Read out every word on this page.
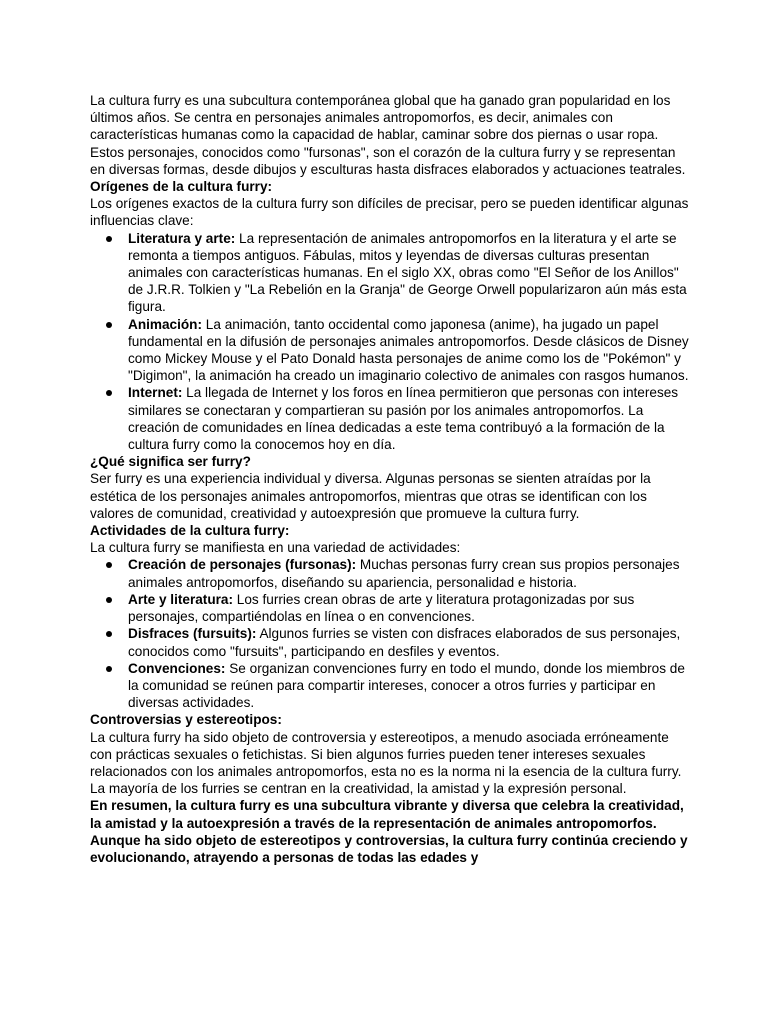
La cultura furry es una subcultura contemporánea global que ha ganado gran popularidad en los últimos años. Se centra en personajes animales antropomorfos, es decir, animales con características humanas como la capacidad de hablar, caminar sobre dos piernas o usar ropa. Estos personajes, conocidos como "fursonas", son el corazón de la cultura furry y se representan en diversas formas, desde dibujos y esculturas hasta disfraces elaborados y actuaciones teatrales.

Orígenes de la cultura furry:

Los orígenes exactos de la cultura furry son difíciles de precisar, pero se pueden identificar algunas influencias clave:

Literatura y arte: La representación de animales antropomorfos en la literatura y el arte se remonta a tiempos antiguos. Fábulas, mitos y leyendas de diversas culturas presentan animales con características humanas. En el siglo XX, obras como "El Señor de los Anillos" de J.R.R. Tolkien y "La Rebelión en la Granja" de George Orwell popularizaron aún más esta figura.
Animación: La animación, tanto occidental como japonesa (anime), ha jugado un papel fundamental en la difusión de personajes animales antropomorfos. Desde clásicos de Disney como Mickey Mouse y el Pato Donald hasta personajes de anime como los de "Pokémon" y "Digimon", la animación ha creado un imaginario colectivo de animales con rasgos humanos.
Internet: La llegada de Internet y los foros en línea permitieron que personas con intereses similares se conectaran y compartieran su pasión por los animales antropomorfos. La creación de comunidades en línea dedicadas a este tema contribuyó a la formación de la cultura furry como la conocemos hoy en día.
¿Qué significa ser furry?

Ser furry es una experiencia individual y diversa. Algunas personas se sienten atraídas por la estética de los personajes animales antropomorfos, mientras que otras se identifican con los valores de comunidad, creatividad y autoexpresión que promueve la cultura furry.

Actividades de la cultura furry:

La cultura furry se manifiesta en una variedad de actividades:

Creación de personajes (fursonas): Muchas personas furry crean sus propios personajes animales antropomorfos, diseñando su apariencia, personalidad e historia.
Arte y literatura: Los furries crean obras de arte y literatura protagonizadas por sus personajes, compartiéndolas en línea o en convenciones.
Disfraces (fursuits): Algunos furries se visten con disfraces elaborados de sus personajes, conocidos como "fursuits", participando en desfiles y eventos.
Convenciones: Se organizan convenciones furry en todo el mundo, donde los miembros de la comunidad se reúnen para compartir intereses, conocer a otros furries y participar en diversas actividades.
Controversias y estereotipos:

La cultura furry ha sido objeto de controversia y estereotipos, a menudo asociada erróneamente con prácticas sexuales o fetichistas. Si bien algunos furries pueden tener intereses sexuales relacionados con los animales antropomorfos, esta no es la norma ni la esencia de la cultura furry. La mayoría de los furries se centran en la creatividad, la amistad y la expresión personal.

En resumen, la cultura furry es una subcultura vibrante y diversa que celebra la creatividad, la amistad y la autoexpresión a través de la representación de animales antropomorfos. Aunque ha sido objeto de estereotipos y controversias, la cultura furry continúa creciendo y evolucionando, atrayendo a personas de todas las edades y
